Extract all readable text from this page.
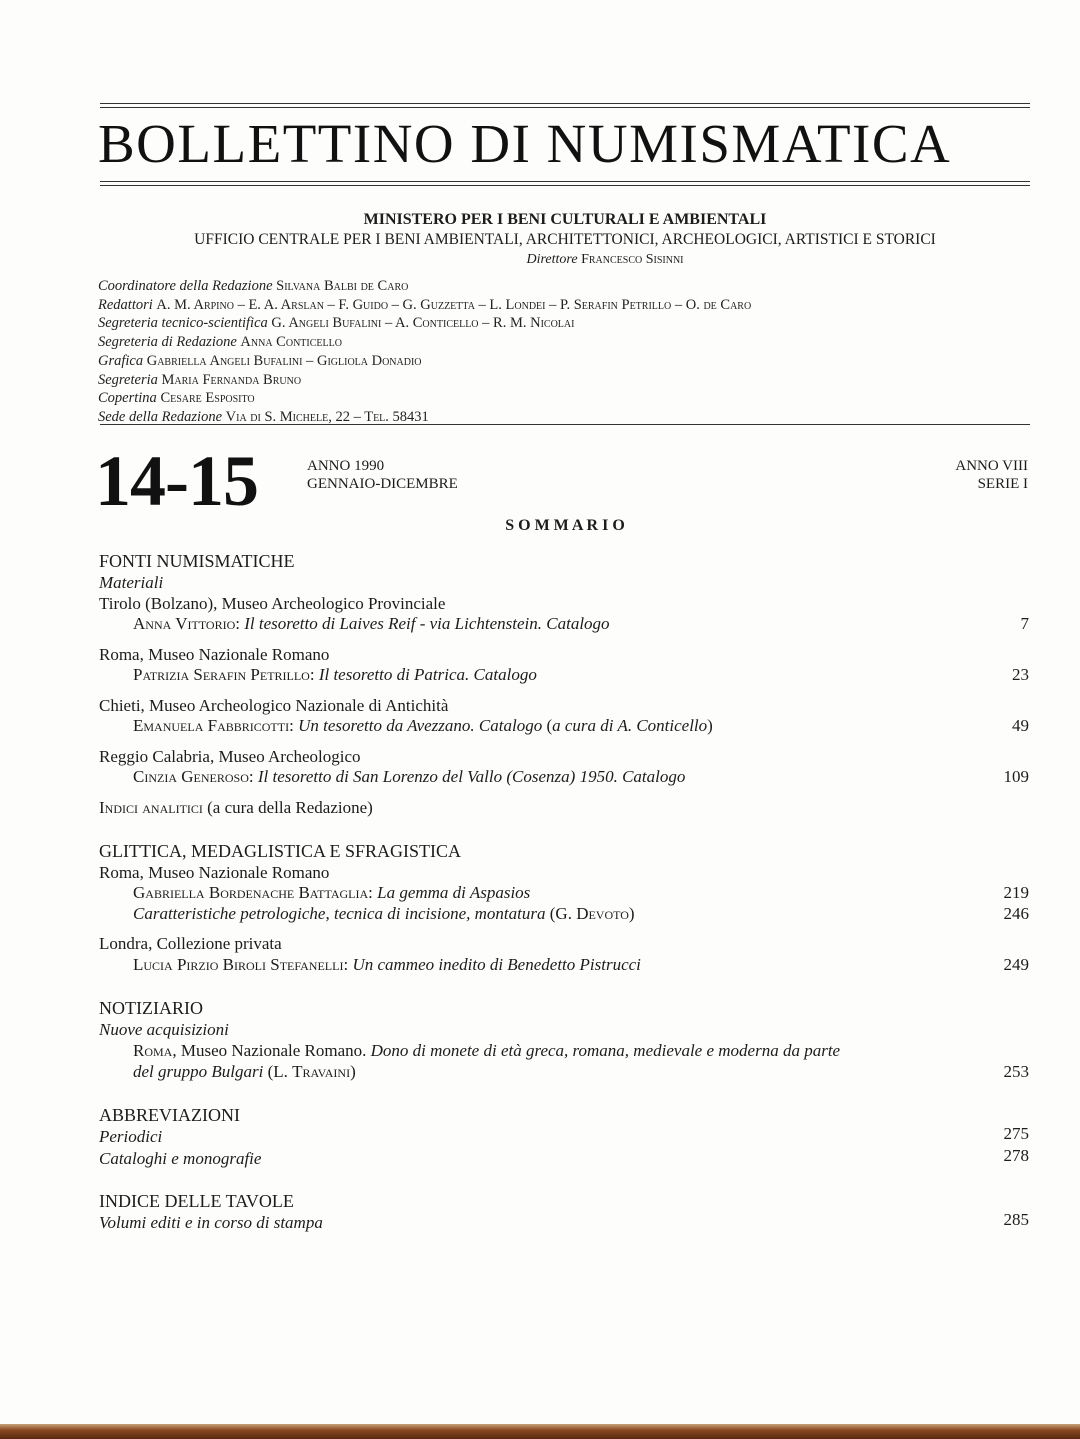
BOLLETTINO DI NUMISMATICA
MINISTERO PER I BENI CULTURALI E AMBIENTALI
UFFICIO CENTRALE PER I BENI AMBIENTALI, ARCHITETTONICI, ARCHEOLOGICI, ARTISTICI E STORICI
Direttore Francesco Sisinni
Coordinatore della Redazione Silvana Balbi de Caro
Redattori A. M. Arpino – E. A. Arslan – F. Guido – G. Guzzetta – L. Londei – P. Serafin Petrillo – O. de Caro
Segreteria tecnico-scientifica G. Angeli Bufalini – A. Conticello – R. M. Nicolai
Segreteria di Redazione Anna Conticello
Grafica Gabriella Angeli Bufalini – Gigliola Donadio
Segreteria Maria Fernanda Bruno
Copertina Cesare Esposito
Sede della Redazione Via di S. Michele, 22 – Tel. 58431
14-15	ANNO 1990
GENNAIO-DICEMBRE
ANNO VIII
SERIE I
S O M M A R I O
FONTI NUMISMATICHE
Materiali
Tirolo (Bolzano), Museo Archeologico Provinciale
Anna Vittorio: Il tesoretto di Laives Reif - via Lichtenstein. Catalogo	7
Roma, Museo Nazionale Romano
Patrizia Serafin Petrillo: Il tesoretto di Patrica. Catalogo	23
Chieti, Museo Archeologico Nazionale di Antichità
Emanuela Fabbricotti: Un tesoretto da Avezzano. Catalogo (a cura di A. Conticello)	49
Reggio Calabria, Museo Archeologico
Cinzia Generoso: Il tesoretto di San Lorenzo del Vallo (Cosenza) 1950. Catalogo	109
Indici analitici (a cura della Redazione)
GLITTICA, MEDAGLISTICA E SFRAGISTICA
Roma, Museo Nazionale Romano
Gabriella Bordenache Battaglia: La gemma di Aspasios	219
Caratteristiche petrologiche, tecnica di incisione, montatura (G. Devoto)	246
Londra, Collezione privata
Lucia Pirzio Biroli Stefanelli: Un cammeo inedito di Benedetto Pistrucci	249
NOTIZIARIO
Nuove acquisizioni
Roma, Museo Nazionale Romano. Dono di monete di età greca, romana, medievale e moderna da parte
del gruppo Bulgari (L. Travaini)	253
ABBREVIAZIONI
Periodici	275
Cataloghi e monografie	278
INDICE DELLE TAVOLE
Volumi editi e in corso di stampa	285
